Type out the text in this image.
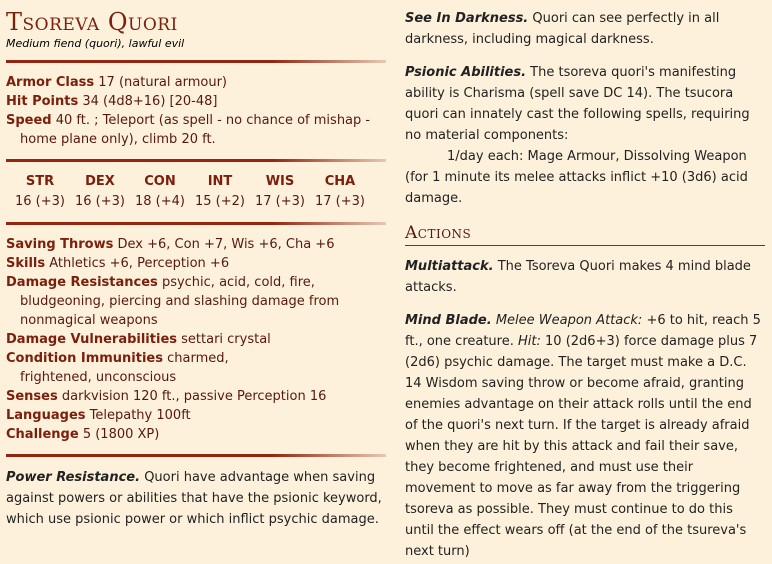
Tsoreva Quori
Medium fiend (quori), lawful evil
Armor Class 17 (natural armour)
Hit Points 34 (4d8+16) [20-48]
Speed 40 ft. ; Teleport (as spell - no chance of mishap - home plane only), climb 20 ft.
STR
16 (+3)
DEX
16 (+3)
CON
18 (+4)
INT
15 (+2)
WIS
17 (+3)
CHA
17 (+3)
Saving Throws Dex +6, Con +7, Wis +6, Cha +6
Skills Athletics +6, Perception +6
Damage Resistances psychic, acid, cold, fire, bludgeoning, piercing and slashing damage from nonmagical weapons
Damage Vulnerabilities settari crystal
Condition Immunities charmed, frightened, unconscious
Senses darkvision 120 ft., passive Perception 16
Languages Telepathy 100ft
Challenge 5 (1800 XP)
Power Resistance. Quori have advantage when saving against powers or abilities that have the psionic keyword, which use psionic power or which inflict psychic damage.
See In Darkness. Quori can see perfectly in all darkness, including magical darkness.
Psionic Abilities. The tsoreva quori's manifesting ability is Charisma (spell save DC 14). The tsucora quori can innately cast the following spells, requiring no material components:
1/day each: Mage Armour, Dissolving Weapon
(for 1 minute its melee attacks inflict +10 (3d6) acid damage.
Actions
Multiattack. The Tsoreva Quori makes 4 mind blade attacks.
Mind Blade. Melee Weapon Attack: +6 to hit, reach 5 ft., one creature. Hit: 10 (2d6+3) force damage plus 7 (2d6) psychic damage. The target must make a D.C. 14 Wisdom saving throw or become afraid, granting enemies advantage on their attack rolls until the end of the quori's next turn. If the target is already afraid when they are hit by this attack and fail their save, they become frightened, and must use their movement to move as far away from the triggering tsoreva as possible. They must continue to do this until the effect wears off (at the end of the tsureva's next turn)
